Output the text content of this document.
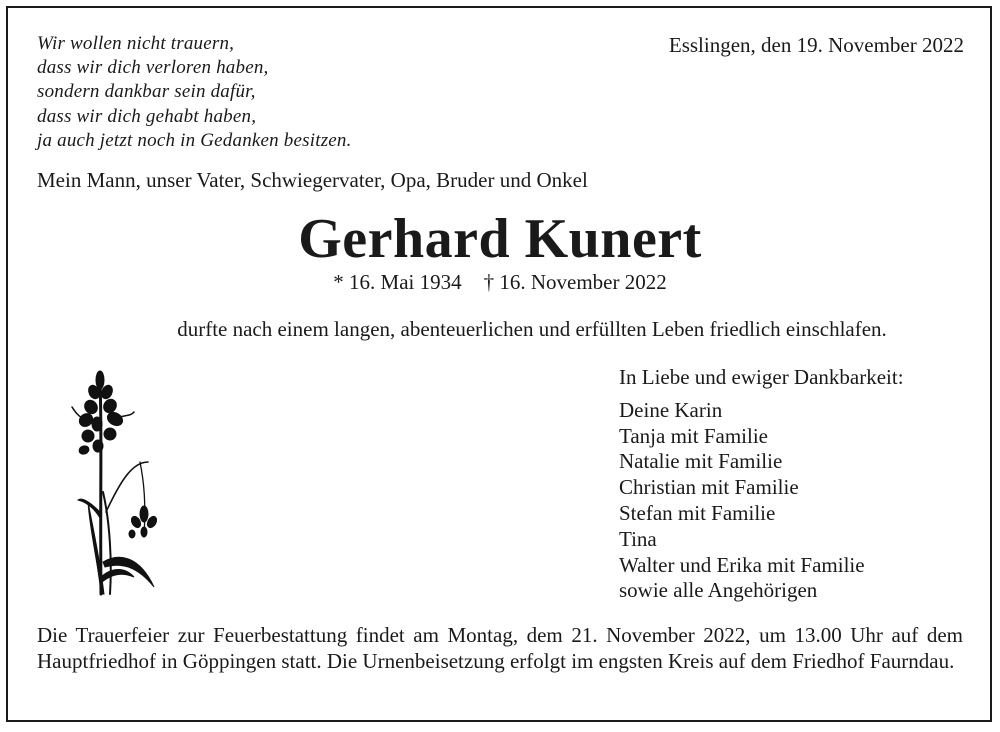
Wir wollen nicht trauern,
dass wir dich verloren haben,
sondern dankbar sein dafür,
dass wir dich gehabt haben,
ja auch jetzt noch in Gedanken besitzen.
Esslingen, den 19. November 2022
Mein Mann, unser Vater, Schwiegervater, Opa, Bruder und Onkel
Gerhard Kunert
* 16. Mai 1934 † 16. November 2022
durfte nach einem langen, abenteuerlichen und erfüllten Leben friedlich einschlafen.
In Liebe und ewiger Dankbarkeit:
Deine Karin
Tanja mit Familie
Natalie mit Familie
Christian mit Familie
Stefan mit Familie
Tina
Walter und Erika mit Familie
sowie alle Angehörigen
Die Trauerfeier zur Feuerbestattung findet am Montag, dem 21. November 2022, um 13.00 Uhr auf dem Hauptfriedhof in Göppingen statt. Die Urnenbeisetzung erfolgt im engsten Kreis auf dem Friedhof Faurndau.
